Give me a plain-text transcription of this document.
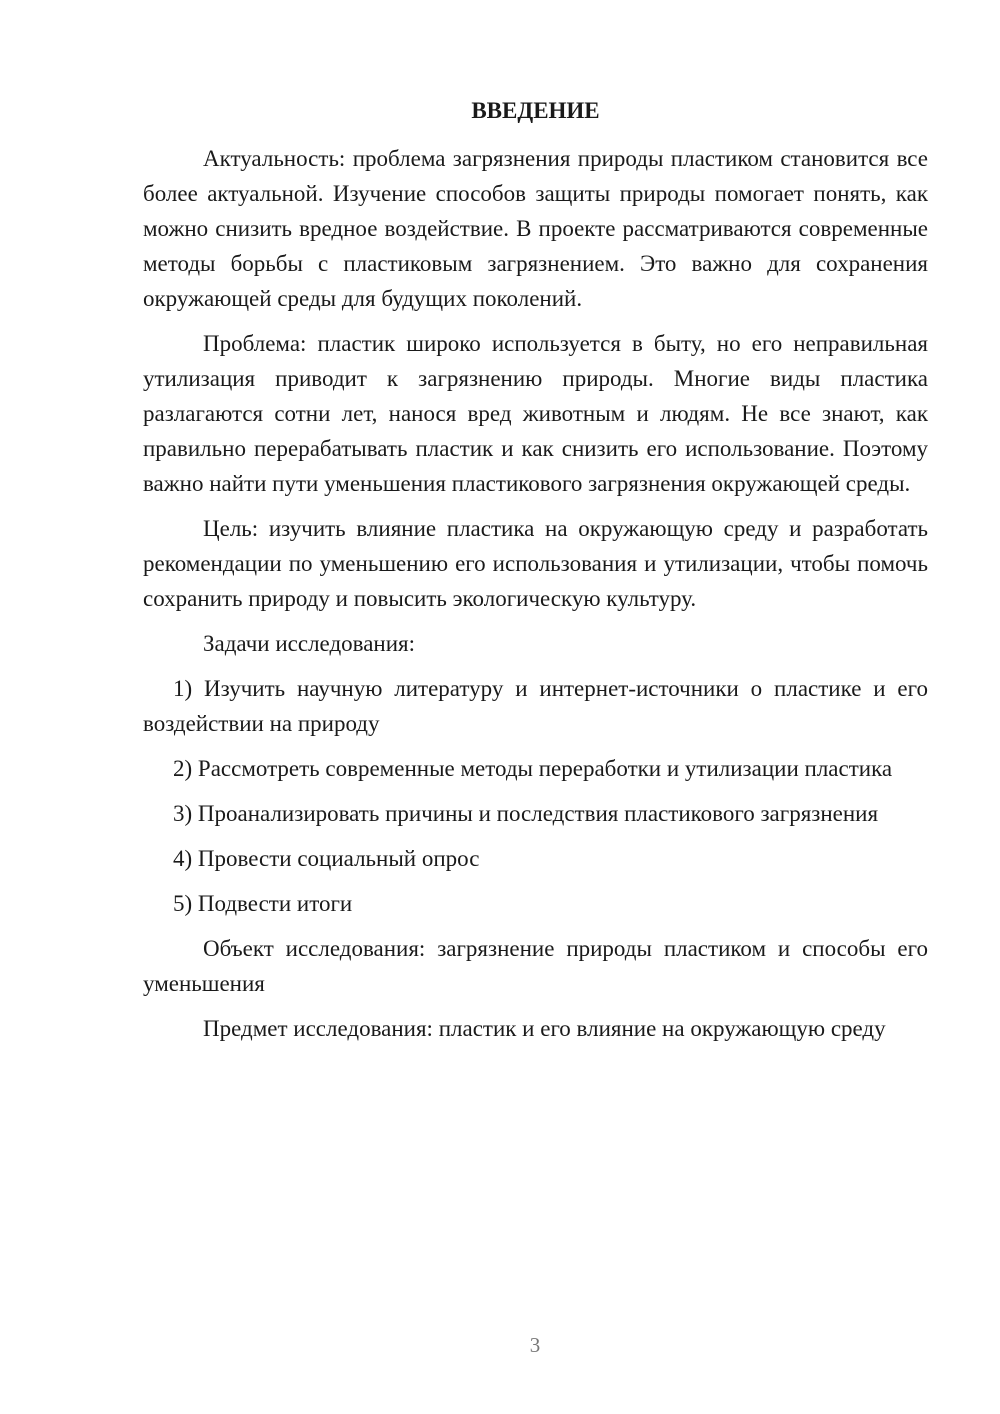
ВВЕДЕНИЕ

Актуальность: проблема загрязнения природы пластиком становится все более актуальной. Изучение способов защиты природы помогает понять, как можно снизить вредное воздействие. В проекте рассматриваются современные методы борьбы с пластиковым загрязнением. Это важно для сохранения окружающей среды для будущих поколений.

Проблема: пластик широко используется в быту, но его неправильная утилизация приводит к загрязнению природы. Многие виды пластика разлагаются сотни лет, нанося вред животным и людям. Не все знают, как правильно перерабатывать пластик и как снизить его использование. Поэтому важно найти пути уменьшения пластикового загрязнения окружающей среды.

Цель: изучить влияние пластика на окружающую среду и разработать рекомендации по уменьшению его использования и утилизации, чтобы помочь сохранить природу и повысить экологическую культуру.

Задачи исследования:

1) Изучить научную литературу и интернет-источники о пластике и его воздействии на природу

2) Рассмотреть современные методы переработки и утилизации пластика

3) Проанализировать причины и последствия пластикового загрязнения

4) Провести социальный опрос

5) Подвести итоги

Объект исследования: загрязнение природы пластиком и способы его уменьшения

Предмет исследования: пластик и его влияние на окружающую среду

3
